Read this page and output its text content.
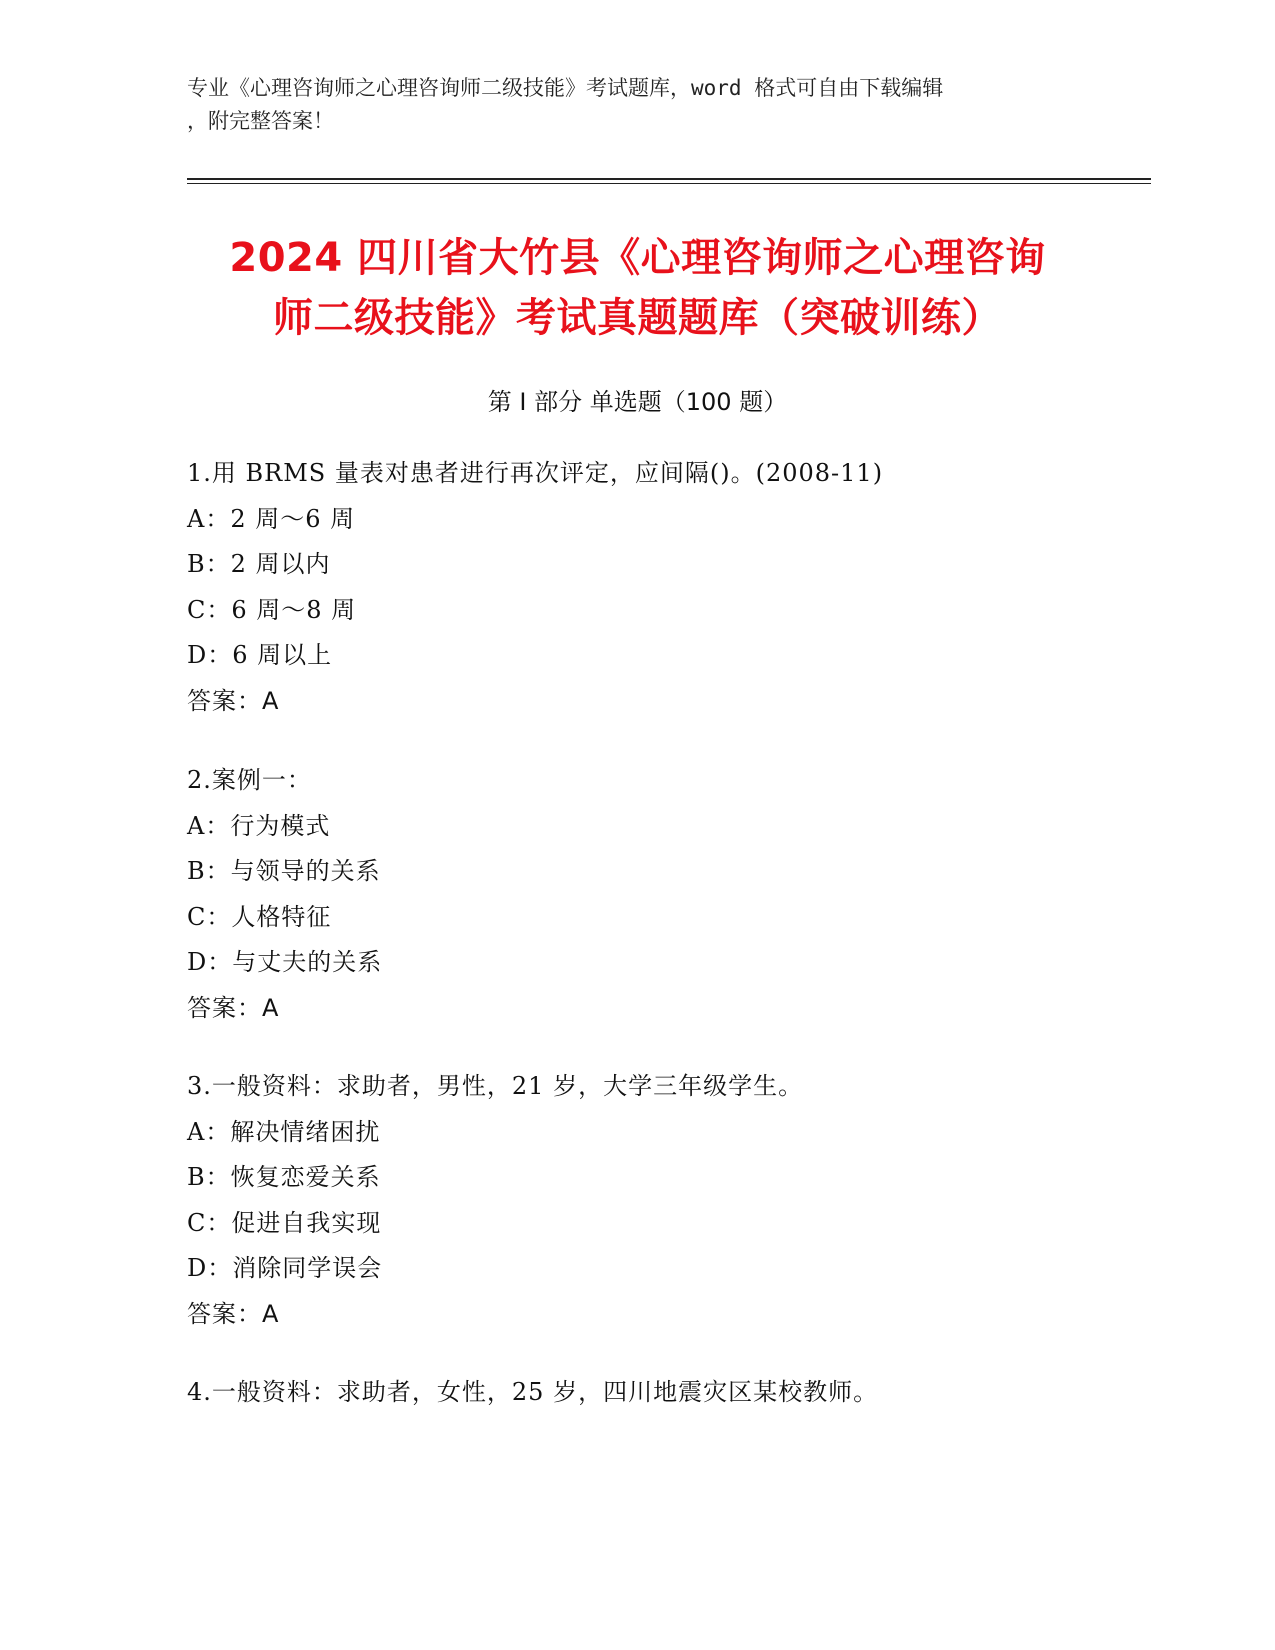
专业《心理咨询师之心理咨询师二级技能》考试题库，word 格式可自由下载编辑
，附完整答案！
2024 四川省大竹县《心理咨询师之心理咨询
师二级技能》考试真题题库（突破训练）
第 I 部分 单选题（100 题）
1.用 BRMS 量表对患者进行再次评定，应间隔()。(2008-11)
A：2 周～6 周
B：2 周以内
C：6 周～8 周
D：6 周以上
答案：A
2.案例一：
A：行为模式
B：与领导的关系
C：人格特征
D：与丈夫的关系
答案：A
3.一般资料：求助者，男性，21 岁，大学三年级学生。
A：解决情绪困扰
B：恢复恋爱关系
C：促进自我实现
D：消除同学误会
答案：A
4.一般资料：求助者，女性，25 岁，四川地震灾区某校教师。
